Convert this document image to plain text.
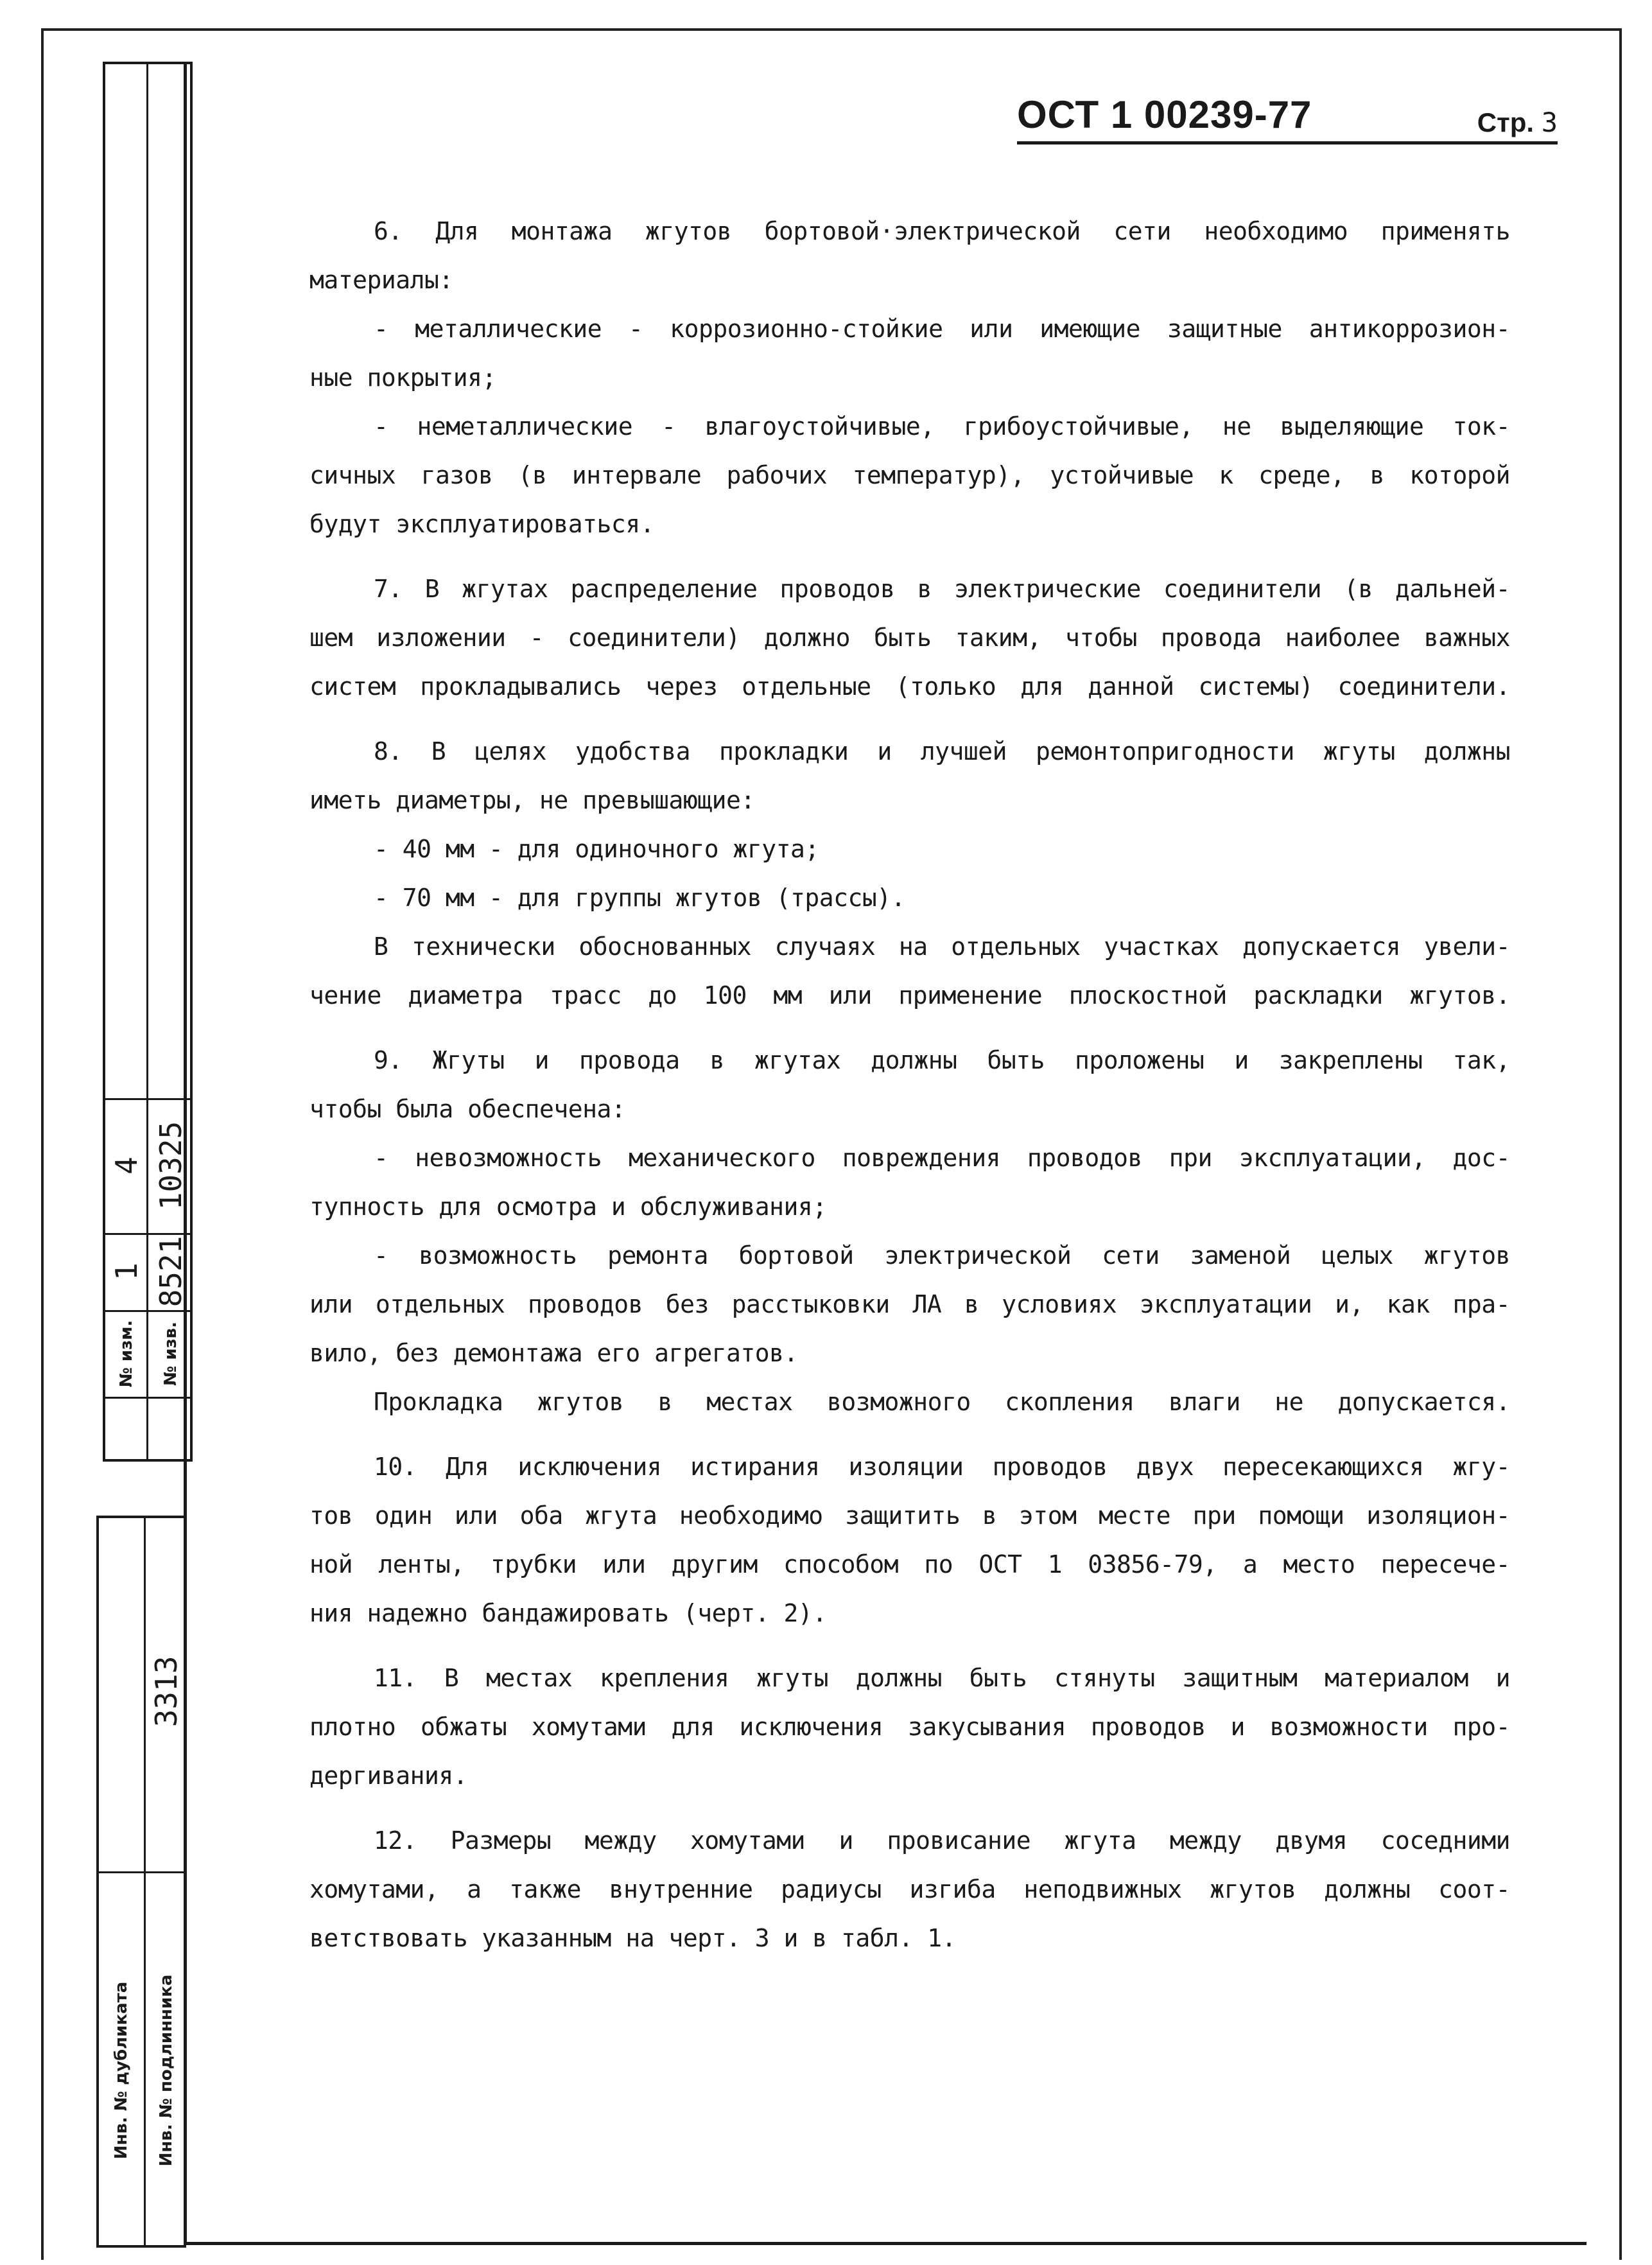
№ изм. № изв.
1 8521
4 10325
Инв. № дубликата Инв. № подлинника
3313
ОСТ 1 00239-77	Стр. 3
6. Для монтажа жгутов бортовой·электрической сети необходимо применять
материалы:
- металлические - коррозионно-стойкие или имеющие защитные антикоррозион-
ные покрытия;
- неметаллические - влагоустойчивые, грибоустойчивые, не выделяющие ток-
сичных газов (в интервале рабочих температур), устойчивые к среде, в которой
будут эксплуатироваться.
7. В жгутах распределение проводов в электрические соединители (в дальней-
шем изложении - соединители) должно быть таким, чтобы провода наиболее важных
систем прокладывались через отдельные (только для данной системы) соединители.
8. В целях удобства прокладки и лучшей ремонтопригодности жгуты должны
иметь диаметры, не превышающие:
- 40 мм - для одиночного жгута;
- 70 мм - для группы жгутов (трассы).
В технически обоснованных случаях на отдельных участках допускается увели-
чение диаметра трасс до 100 мм или применение плоскостной раскладки жгутов.
9. Жгуты и провода в жгутах должны быть проложены и закреплены так,
чтобы была обеспечена:
- невозможность механического повреждения проводов при эксплуатации, дос-
тупность для осмотра и обслуживания;
- возможность ремонта бортовой электрической сети заменой целых жгутов
или отдельных проводов без расстыковки ЛА в условиях эксплуатации и, как пра-
вило, без демонтажа его агрегатов.
Прокладка жгутов в местах возможного скопления влаги не допускается.
10. Для исключения истирания изоляции проводов двух пересекающихся жгу-
тов один или оба жгута необходимо защитить в этом месте при помощи изоляцион-
ной ленты, трубки или другим способом по ОСТ 1 03856-79, а место пересече-
ния надежно бандажировать (черт. 2).
11. В местах крепления жгуты должны быть стянуты защитным материалом и
плотно обжаты хомутами для исключения закусывания проводов и возможности про-
дергивания.
12. Размеры между хомутами и провисание жгута между двумя соседними
хомутами, а также внутренние радиусы изгиба неподвижных жгутов должны соот-
ветствовать указанным на черт. 3 и в табл. 1.
